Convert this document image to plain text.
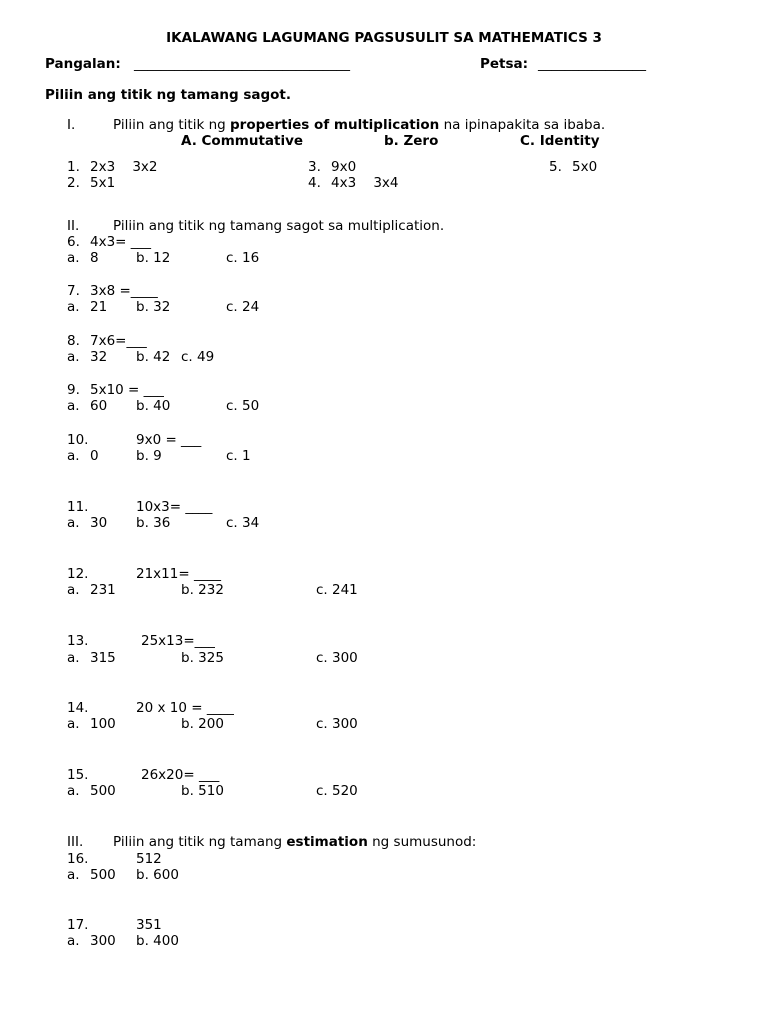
IKALAWANG LAGUMANG PAGSUSULIT SA MATHEMATICS 3
Pangalan: ________________________________	Petsa: ________________
Piliin ang titik ng tamang sagot.
I.	Piliin ang titik ng properties of multiplication na ipinapakita sa ibaba.
A. Commutative	b. Zero	C. Identity
1. 2x3    3x2
2. 5x1
3. 9x0
4. 4x3    3x4
5. 5x0
II. Piliin ang titik ng tamang sagot sa multiplication.
6. 4x3= ___
a. 8	b. 12	c. 16
7. 3x8 =____
a. 21 b. 32	c. 24
8. 7x6=___
a. 32 b. 42 c. 49
9. 5x10 = ___
a. 60 b. 40	c. 50
10.	9x0 = ___
a. 0	b. 9	c. 1
11.	10x3= ____
a. 30 b. 36	c. 34
12.	21x11= ____
a. 231	b. 232	c. 241
13.	25x13=___
a. 315	b. 325	c. 300
14.	20 x 10 = ____
a. 100	b. 200	c. 300
15.	26x20= ___
a. 500	b. 510	c. 520
III. Piliin ang titik ng tamang estimation ng sumusunod:
16.	512
a. 500 b. 600
17.	351
a. 300 b. 400
